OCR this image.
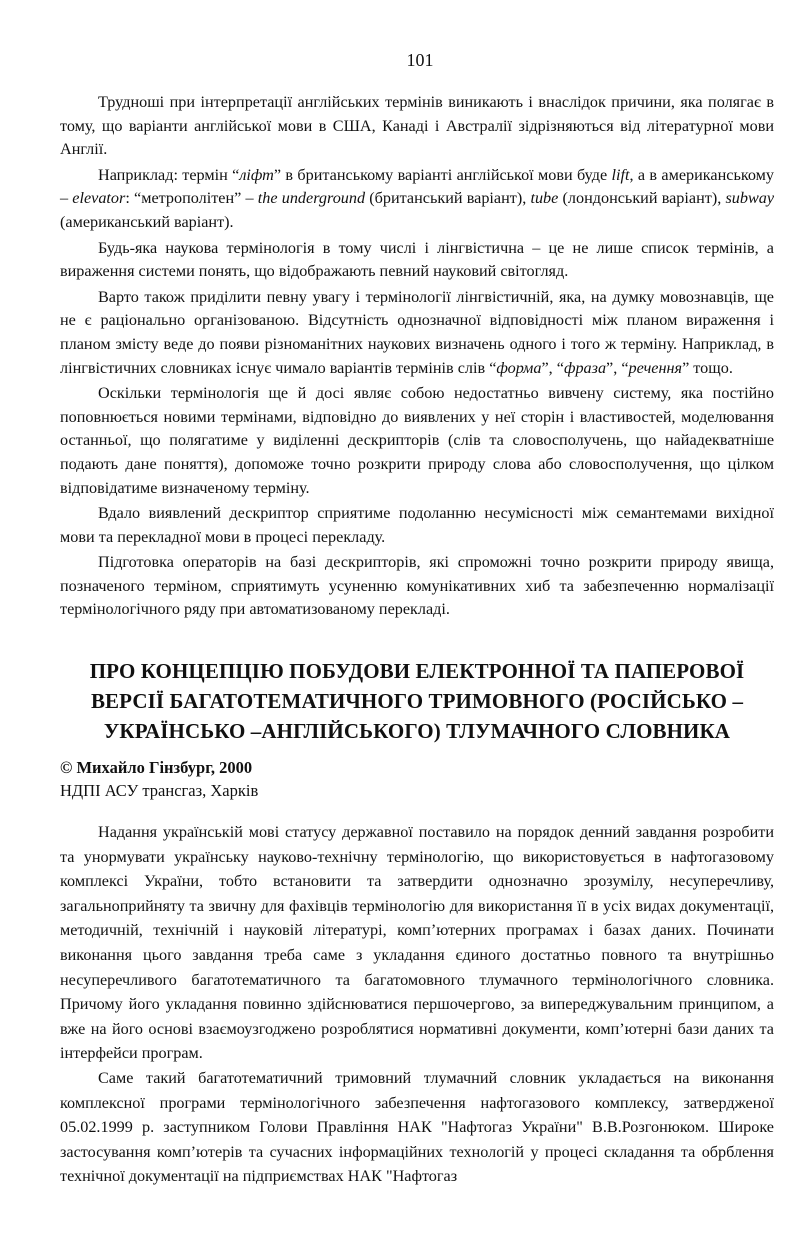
101

Трудноші при інтерпретації англійських термінів виникають і внаслідок причини, яка полягає в тому, що варіанти англійської мови в США, Канаді і Австралії зідрізняються від літературної мови Англії.

Наприклад: термін “ліфт” в британському варіанті англійської мови буде lift, а в американському – elevator: “метрополітен” – the underground (британський варіант), tube (лондонський варіант), subway (американський варіант).

Будь-яка наукова термінологія в тому числі і лінгвістична – це не лише список термінів, а вираження системи понять, що відображають певний науковий світогляд.

Варто також приділити певну увагу і термінології лінгвістичній, яка, на думку мовознавців, ще не є раціонально організованою. Відсутність однозначної відповідності між планом вираження і планом змісту веде до появи різноманітних наукових визначень одного і того ж терміну. Наприклад, в лінгвістичних словниках існує чимало варіантів термінів слів “форма”, “фраза”, “речення” тощо.

Оскільки термінологія ще й досі являє собою недостатньо вивчену систему, яка постійно поповнюється новими термінами, відповідно до виявлених у неї сторін і властивостей, моделювання останньої, що полягатиме у виділенні дескрипторів (слів та словосполучень, що найадекватніше подають дане поняття), допоможе точно розкрити природу слова або словосполучення, що цілком відповідатиме визначеному терміну.

Вдало виявлений дескриптор сприятиме подоланню несумісності між семантемами вихідної мови та перекладної мови в процесі перекладу.

Підготовка операторів на базі дескрипторів, які спроможні точно розкрити природу явища, позначеного терміном, сприятимуть усуненню комунікативних хиб та забезпеченню нормалізації термінологічного ряду при автоматизованому перекладі.

ПРО КОНЦЕПЦІЮ ПОБУДОВИ ЕЛЕКТРОННОЇ ТА ПАПЕРОВОЇ
ВЕРСІЇ БАГАТОТЕМАТИЧНОГО ТРИМОВНОГО (РОСІЙСЬКО –
УКРАЇНСЬКО –АНГЛІЙСЬКОГО) ТЛУМАЧНОГО СЛОВНИКА

© Михайло Гінзбург, 2000

НДПІ АСУ трансгаз, Харків

Надання українській мові статусу державної поставило на порядок денний завдання розробити та унормувати українську науково-технічну термінологію, що використовується в нафтогазовому комплексі України, тобто встановити та затвердити однозначно зрозумілу, несуперечливу, загальноприйняту та звичну для фахівців термінологію для використання її в усіх видах документації, методичній, технічній і науковій літературі, комп’ютерних програмах і базах даних. Починати виконання цього завдання треба саме з укладання єдиного достатньо повного та внутрішньо несуперечливого багатотематичного та багатомовного тлумачного термінологічного словника. Причому його укладання повинно здійснюватися першочергово, за випереджувальним принципом, а вже на його основі взаємоузгоджено розроблятися нормативні документи, комп’ютерні бази даних та інтерфейси програм.

Саме такий багатотематичний тримовний тлумачний словник укладається на виконання комплексної програми термінологічного забезпечення нафтогазового комплексу, затвердженої 05.02.1999 р. заступником Голови Правління НАК "Нафтогаз України" В.В.Розгонюком. Широке застосування комп’ютерів та сучасних інформаційних технологій у процесі складання та обрблення технічної документації на підприємствах НАК "Нафтогаз
